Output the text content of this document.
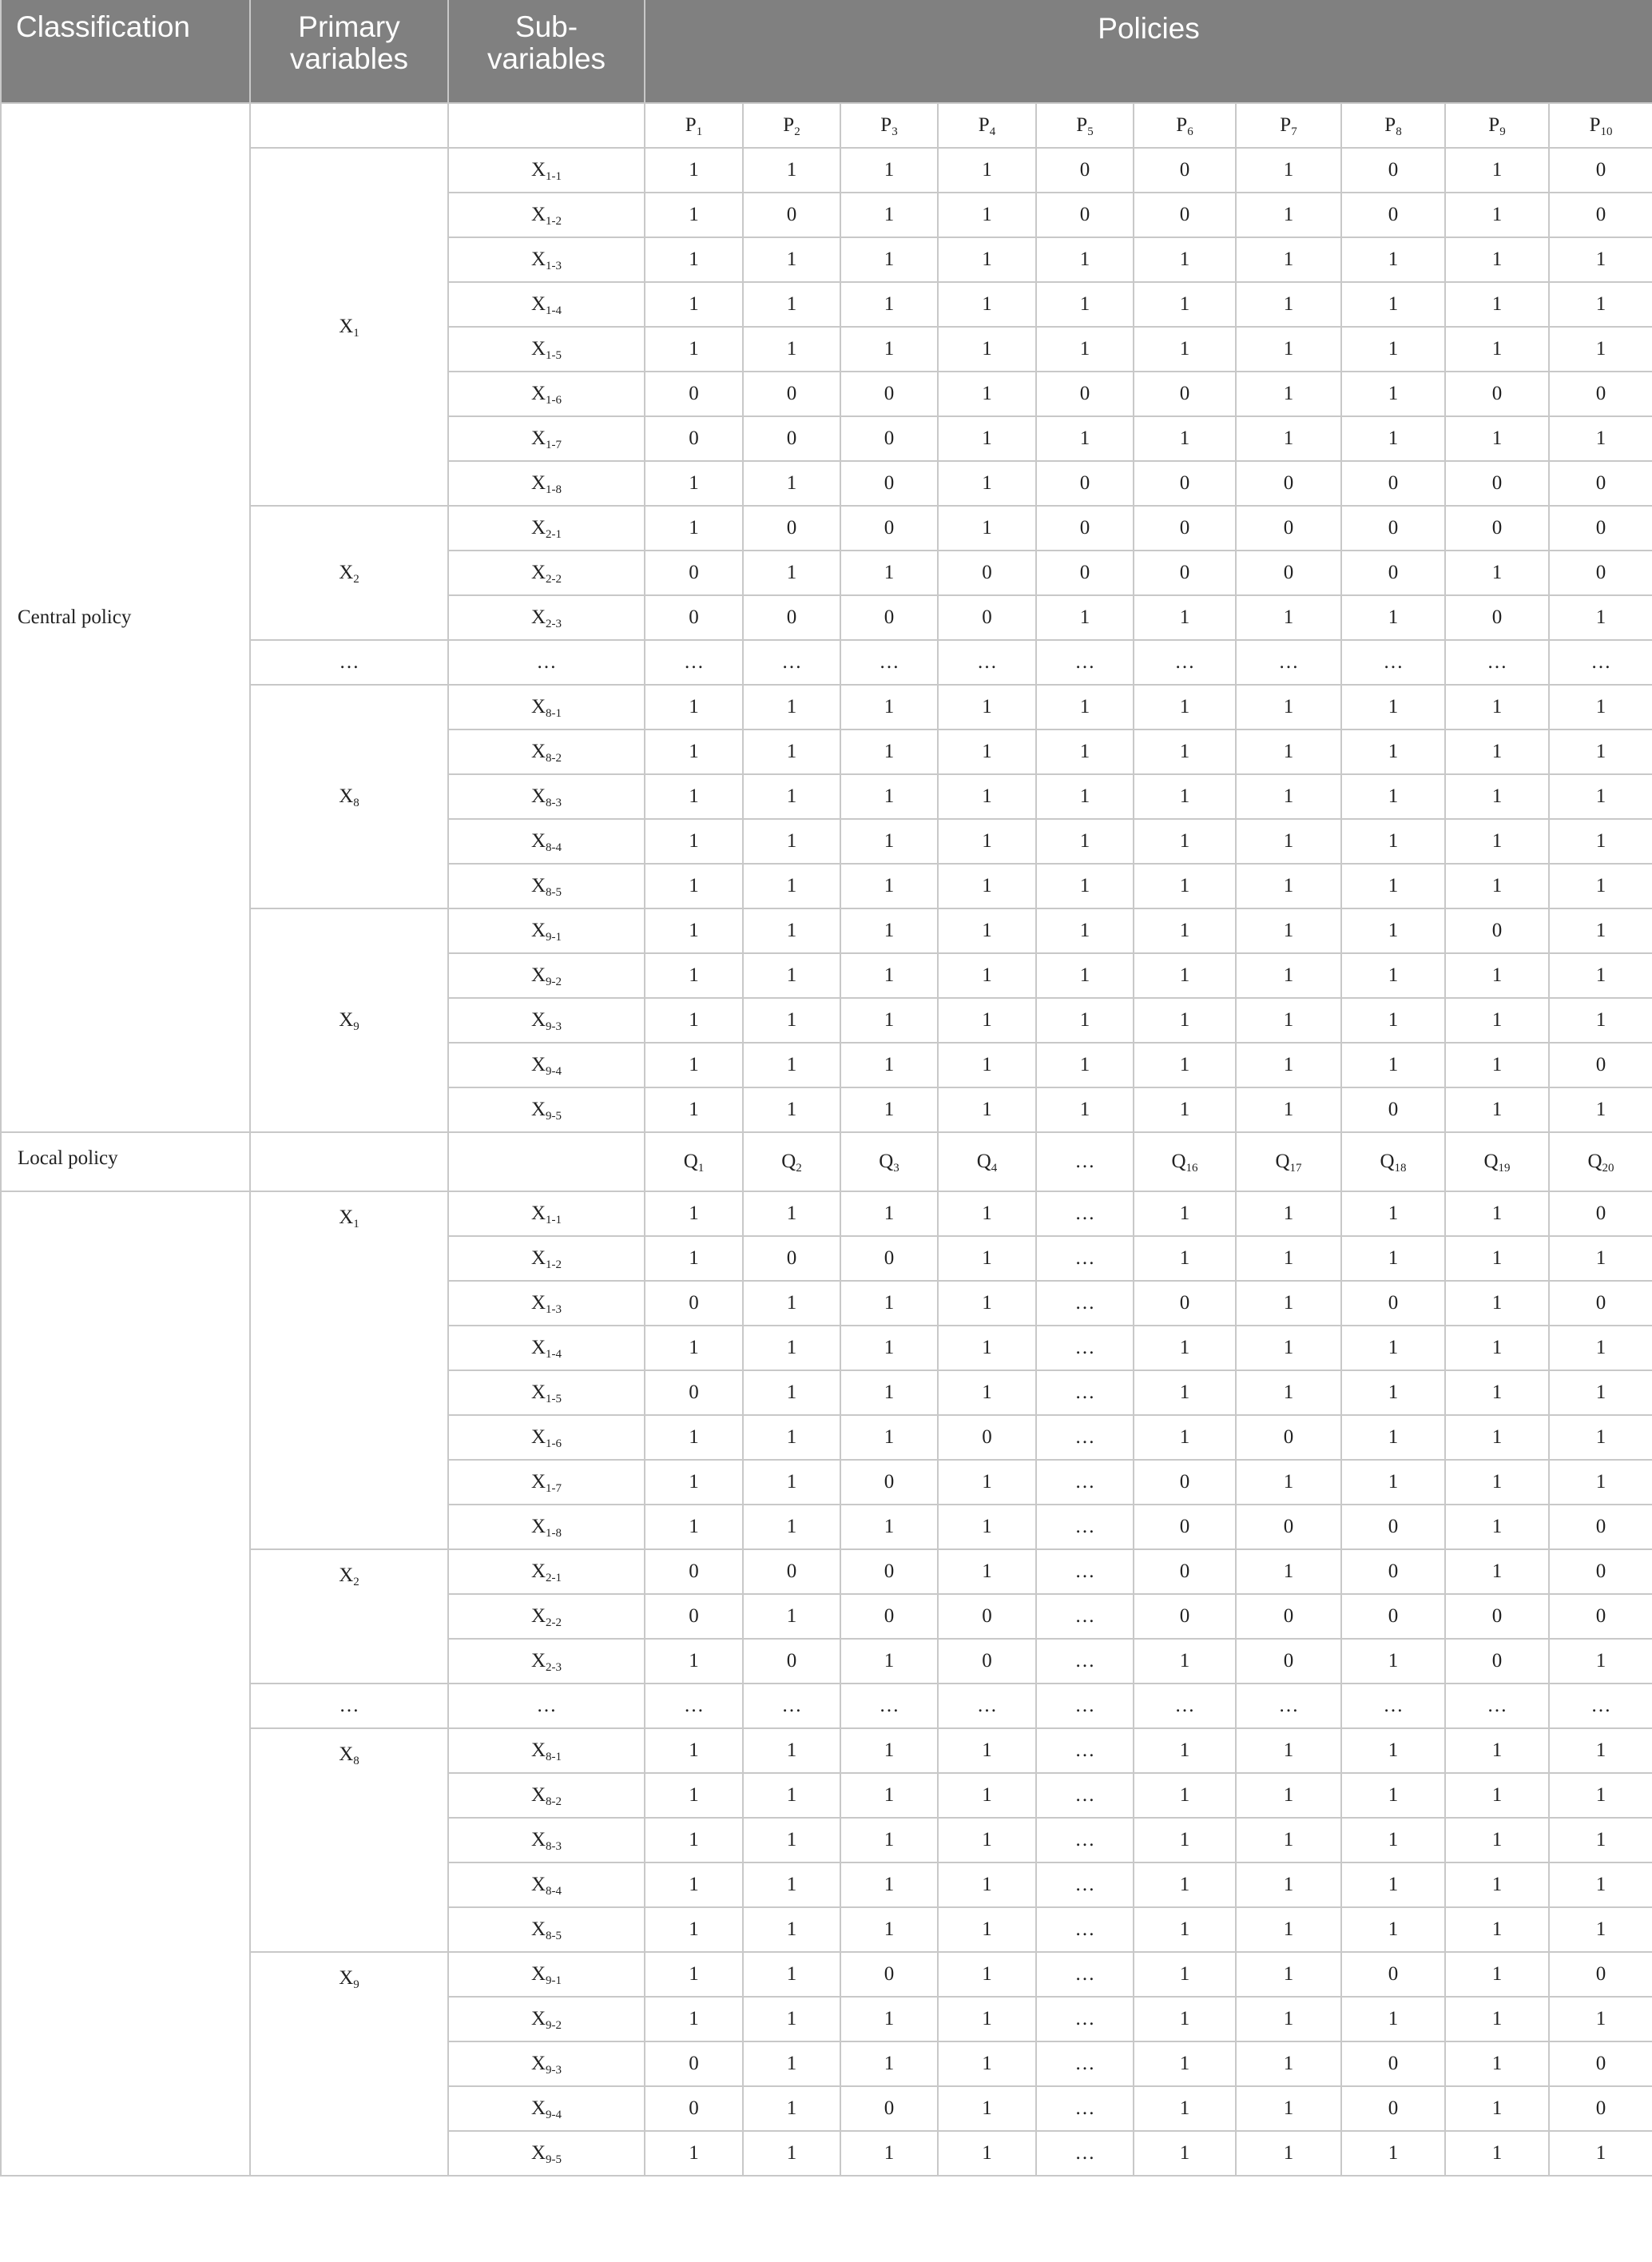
Classification	Primary variables	Sub-variables	Policies									
Central policy			$P_1$	$P_2$	$P_3$	$P_4$	$P_5$	$P_6$	$P_7$	$P_8$	$P_9$	$P_{10}$
	$X_1$	$X_{1-1}$	1	1	1	1	0	0	1	0	1	0
		$X_{1-2}$	1	0	1	1	0	0	1	0	1	0
		$X_{1-3}$	1	1	1	1	1	1	1	1	1	1
		$X_{1-4}$	1	1	1	1	1	1	1	1	1	1
		$X_{1-5}$	1	1	1	1	1	1	1	1	1	1
		$X_{1-6}$	0	0	0	1	0	0	1	1	0	0
		$X_{1-7}$	0	0	0	1	1	1	1	1	1	1
		$X_{1-8}$	1	1	0	1	0	0	0	0	0	0
	$X_2$	$X_{2-1}$	1	0	0	1	0	0	0	0	0	0
		$X_{2-2}$	0	1	1	0	0	0	0	0	1	0
		$X_{2-3}$	0	0	0	0	1	1	1	1	0	1
	…	…	…	…	…	…	…	…	…	…	…	…
	$X_8$	$X_{8-1}$	1	1	1	1	1	1	1	1	1	1
		$X_{8-2}$	1	1	1	1	1	1	1	1	1	1
		$X_{8-3}$	1	1	1	1	1	1	1	1	1	1
		$X_{8-4}$	1	1	1	1	1	1	1	1	1	1
		$X_{8-5}$	1	1	1	1	1	1	1	1	1	1
	$X_9$	$X_{9-1}$	1	1	1	1	1	1	1	1	0	1
		$X_{9-2}$	1	1	1	1	1	1	1	1	1	1
		$X_{9-3}$	1	1	1	1	1	1	1	1	1	1
		$X_{9-4}$	1	1	1	1	1	1	1	1	1	0
		$X_{9-5}$	1	1	1	1	1	1	1	0	1	1
Local policy			$Q_1$	$Q_2$	$Q_3$	$Q_4$	…	$Q_{16}$	$Q_{17}$	$Q_{18}$	$Q_{19}$	$Q_{20}$
	$X_1$	$X_{1-1}$	1	1	1	1	…	1	1	1	1	0
		$X_{1-2}$	1	0	0	1	…	1	1	1	1	1
		$X_{1-3}$	0	1	1	1	…	0	1	0	1	0
		$X_{1-4}$	1	1	1	1	…	1	1	1	1	1
		$X_{1-5}$	0	1	1	1	…	1	1	1	1	1
		$X_{1-6}$	1	1	1	0	…	1	0	1	1	1
		$X_{1-7}$	1	1	0	1	…	0	1	1	1	1
		$X_{1-8}$	1	1	1	1	…	0	0	0	1	0
	$X_2$	$X_{2-1}$	0	0	0	1	…	0	1	0	1	0
		$X_{2-2}$	0	1	0	0	…	0	0	0	0	0
		$X_{2-3}$	1	0	1	0	…	1	0	1	0	1
	…	…	…	…	…	…	…	…	…	…	…	…
	$X_8$	$X_{8-1}$	1	1	1	1	…	1	1	1	1	1
		$X_{8-2}$	1	1	1	1	…	1	1	1	1	1
		$X_{8-3}$	1	1	1	1	…	1	1	1	1	1
		$X_{8-4}$	1	1	1	1	…	1	1	1	1	1
		$X_{8-5}$	1	1	1	1	…	1	1	1	1	1
	$X_9$	$X_{9-1}$	1	1	0	1	…	1	1	0	1	0
		$X_{9-2}$	1	1	1	1	…	1	1	1	1	1
		$X_{9-3}$	0	1	1	1	…	1	1	0	1	0
		$X_{9-4}$	0	1	0	1	…	1	1	0	1	0
		$X_{9-5}$	1	1	1	1	…	1	1	1	1	1
